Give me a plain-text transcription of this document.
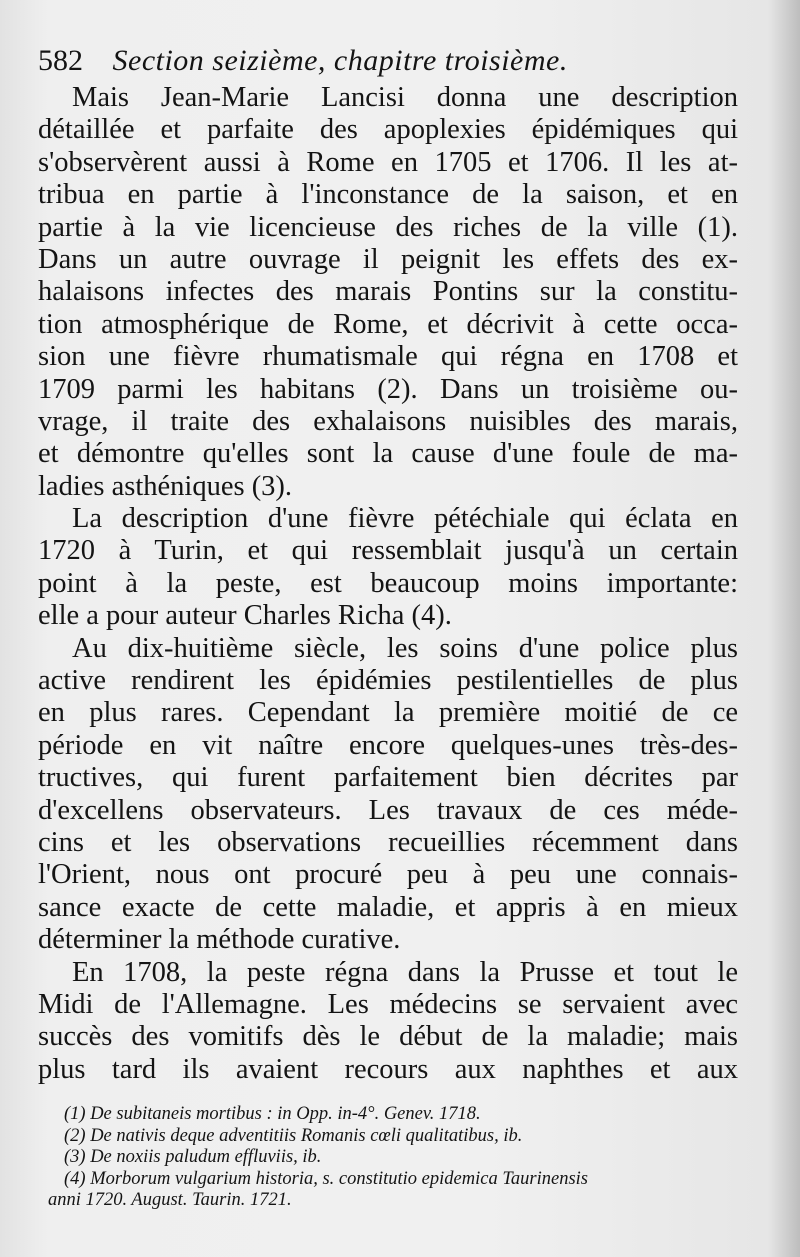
582 Section seizième, chapitre troisième.
Mais Jean-Marie Lancisi donna une description
détaillée et parfaite des apoplexies épidémiques qui
s'observèrent aussi à Rome en 1705 et 1706. Il les at-
tribua en partie à l'inconstance de la saison, et en
partie à la vie licencieuse des riches de la ville (1).
Dans un autre ouvrage il peignit les effets des ex-
halaisons infectes des marais Pontins sur la constitu-
tion atmosphérique de Rome, et décrivit à cette occa-
sion une fièvre rhumatismale qui régna en 1708 et
1709 parmi les habitans (2). Dans un troisième ou-
vrage, il traite des exhalaisons nuisibles des marais,
et démontre qu'elles sont la cause d'une foule de ma-
ladies asthéniques (3).
La description d'une fièvre pétéchiale qui éclata en
1720 à Turin, et qui ressemblait jusqu'à un certain
point à la peste, est beaucoup moins importante:
elle a pour auteur Charles Richa (4).
Au dix-huitième siècle, les soins d'une police plus
active rendirent les épidémies pestilentielles de plus
en plus rares. Cependant la première moitié de ce
période en vit naître encore quelques-unes très-des-
tructives, qui furent parfaitement bien décrites par
d'excellens observateurs. Les travaux de ces méde-
cins et les observations recueillies récemment dans
l'Orient, nous ont procuré peu à peu une connais-
sance exacte de cette maladie, et appris à en mieux
déterminer la méthode curative.
En 1708, la peste régna dans la Prusse et tout le
Midi de l'Allemagne. Les médecins se servaient avec
succès des vomitifs dès le début de la maladie; mais
plus tard ils avaient recours aux naphthes et aux
(1) De subitaneis mortibus : in Opp. in-4°. Genev. 1718.
(2) De nativis deque adventitiis Romanis cœli qualitatibus, ib.
(3) De noxiis paludum effluviis, ib.
(4) Morborum vulgarium historia, s. constitutio epidemica Taurinensis
anni 1720. August. Taurin. 1721.
